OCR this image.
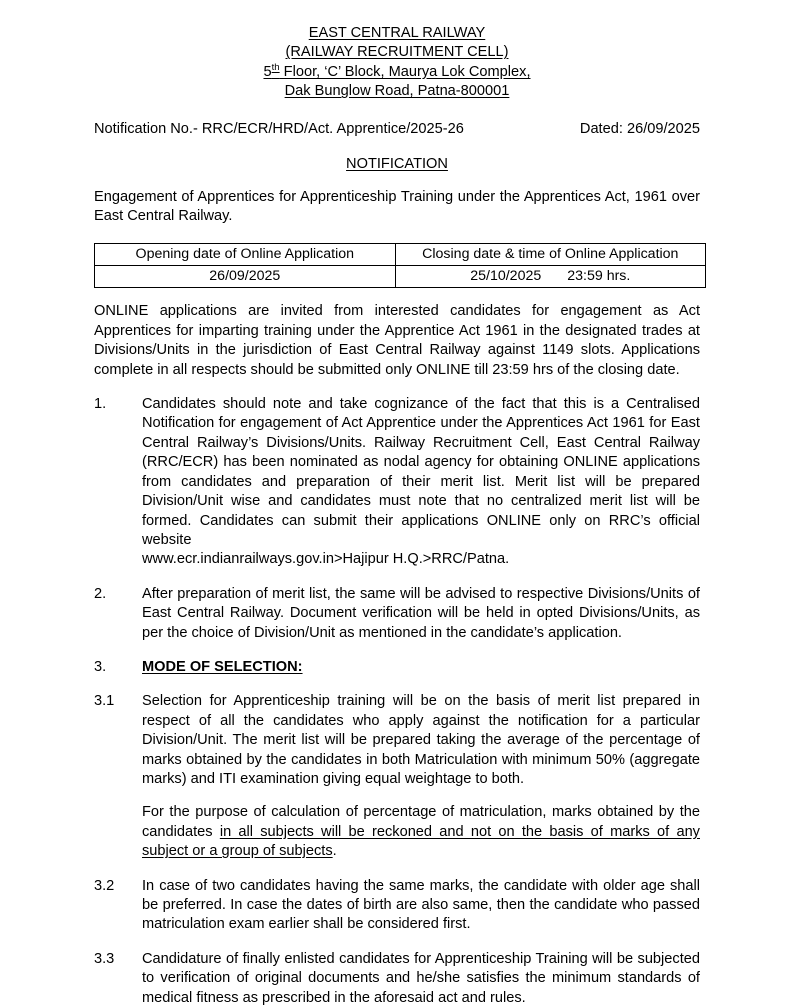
EAST CENTRAL RAILWAY
(RAILWAY RECRUITMENT CELL)
5th Floor, ‘C’ Block, Maurya Lok Complex,
Dak Bunglow Road, Patna-800001
Notification No.- RRC/ECR/HRD/Act. Apprentice/2025-26	Dated: 26/09/2025
NOTIFICATION
Engagement of Apprentices for Apprenticeship Training under the Apprentices Act, 1961 over East Central Railway.
Opening date of Online Application	Closing date & time of Online Application
26/09/2025	25/10/2025 23:59 hrs.
ONLINE applications are invited from interested candidates for engagement as Act Apprentices for imparting training under the Apprentice Act 1961 in the designated trades at Divisions/Units in the jurisdiction of East Central Railway against 1149 slots. Applications complete in all respects should be submitted only ONLINE till 23:59 hrs of the closing date.
1.	Candidates should note and take cognizance of the fact that this is a Centralised Notification for engagement of Act Apprentice under the Apprentices Act 1961 for East Central Railway’s Divisions/Units. Railway Recruitment Cell, East Central Railway (RRC/ECR) has been nominated as nodal agency for obtaining ONLINE applications from candidates and preparation of their merit list. Merit list will be prepared Division/Unit wise and candidates must note that no centralized merit list will be formed. Candidates can submit their applications ONLINE only on RRC’s official website
www.ecr.indianrailways.gov.in>Hajipur H.Q.>RRC/Patna.
2.	After preparation of merit list, the same will be advised to respective Divisions/Units of East Central Railway. Document verification will be held in opted Divisions/Units, as per the choice of Division/Unit as mentioned in the candidate’s application.
3.	MODE OF SELECTION:
3.1	Selection for Apprenticeship training will be on the basis of merit list prepared in respect of all the candidates who apply against the notification for a particular Division/Unit. The merit list will be prepared taking the average of the percentage of marks obtained by the candidates in both Matriculation with minimum 50% (aggregate marks) and ITI examination giving equal weightage to both.
For the purpose of calculation of percentage of matriculation, marks obtained by the candidates in all subjects will be reckoned and not on the basis of marks of any subject or a group of subjects.
3.2	In case of two candidates having the same marks, the candidate with older age shall be preferred. In case the dates of birth are also same, then the candidate who passed matriculation exam earlier shall be considered first.
3.3	Candidature of finally enlisted candidates for Apprenticeship Training will be subjected to verification of original documents and he/she satisfies the minimum standards of medical fitness as prescribed in the aforesaid act and rules.
